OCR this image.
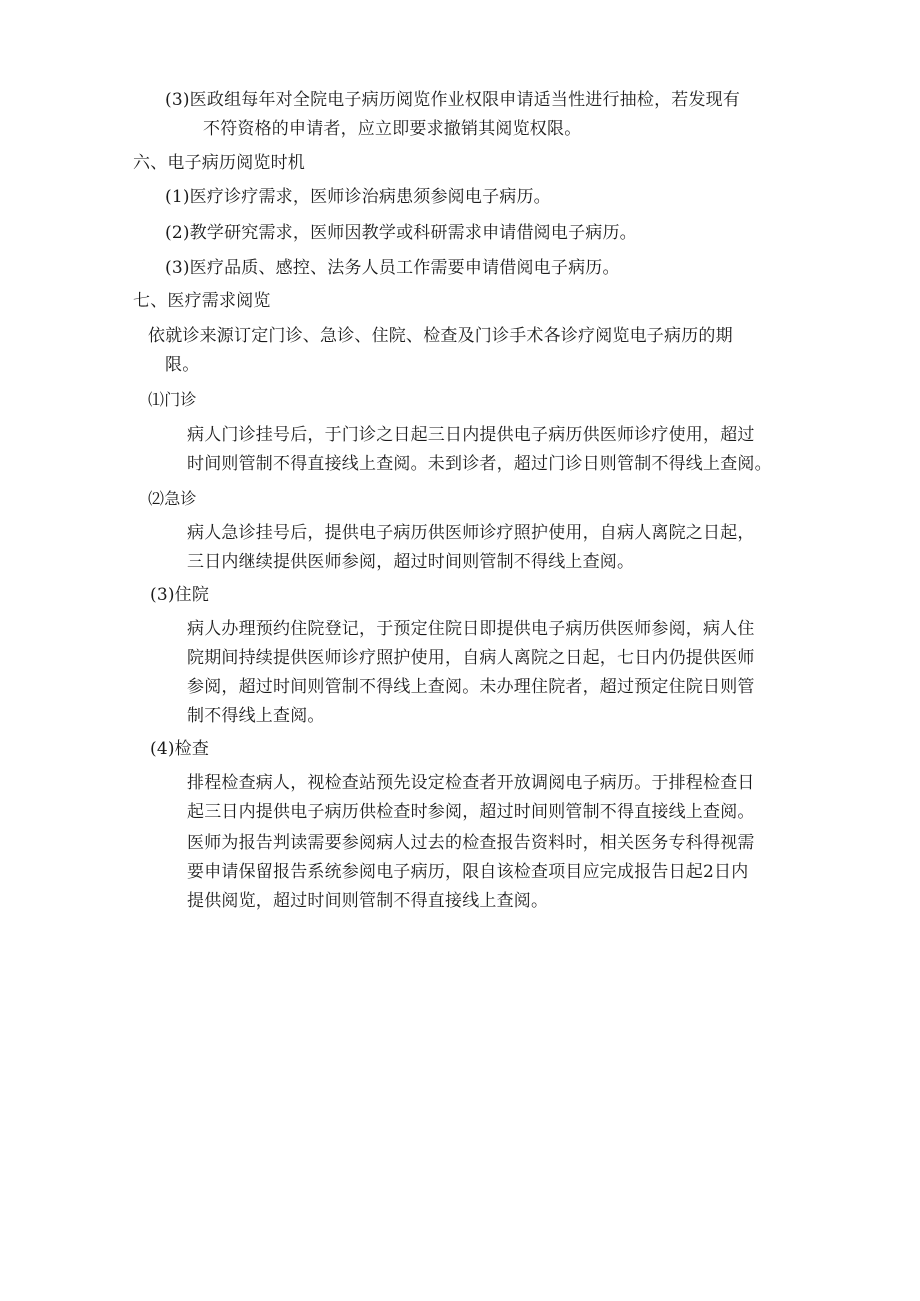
(3)医政组每年对全院电子病历阅览作业权限申请适当性进行抽检，若发现有
不符资格的申请者，应立即要求撤销其阅览权限。
六、电子病历阅览时机
(1)医疗诊疗需求，医师诊治病患须参阅电子病历。
(2)教学研究需求，医师因教学或科研需求申请借阅电子病历。
(3)医疗品质、感控、法务人员工作需要申请借阅电子病历。
七、医疗需求阅览
依就诊来源订定门诊、急诊、住院、检查及门诊手术各诊疗阅览电子病历的期
限。
⑴门诊
病人门诊挂号后，于门诊之日起三日内提供电子病历供医师诊疗使用，超过
时间则管制不得直接线上查阅。未到诊者，超过门诊日则管制不得线上查阅。
⑵急诊
病人急诊挂号后，提供电子病历供医师诊疗照护使用，自病人离院之日起，
三日内继续提供医师参阅，超过时间则管制不得线上查阅。
(3)住院
病人办理预约住院登记，于预定住院日即提供电子病历供医师参阅，病人住
院期间持续提供医师诊疗照护使用，自病人离院之日起，七日内仍提供医师
参阅，超过时间则管制不得线上查阅。未办理住院者，超过预定住院日则管
制不得线上查阅。
(4)检查
排程检查病人，视检查站预先设定检查者开放调阅电子病历。于排程检查日
起三日内提供电子病历供检查时参阅，超过时间则管制不得直接线上查阅。
医师为报告判读需要参阅病人过去的检查报告资料时，相关医务专科得视需
要申请保留报告系统参阅电子病历，限自该检查项目应完成报告日起2日内
提供阅览，超过时间则管制不得直接线上查阅。
